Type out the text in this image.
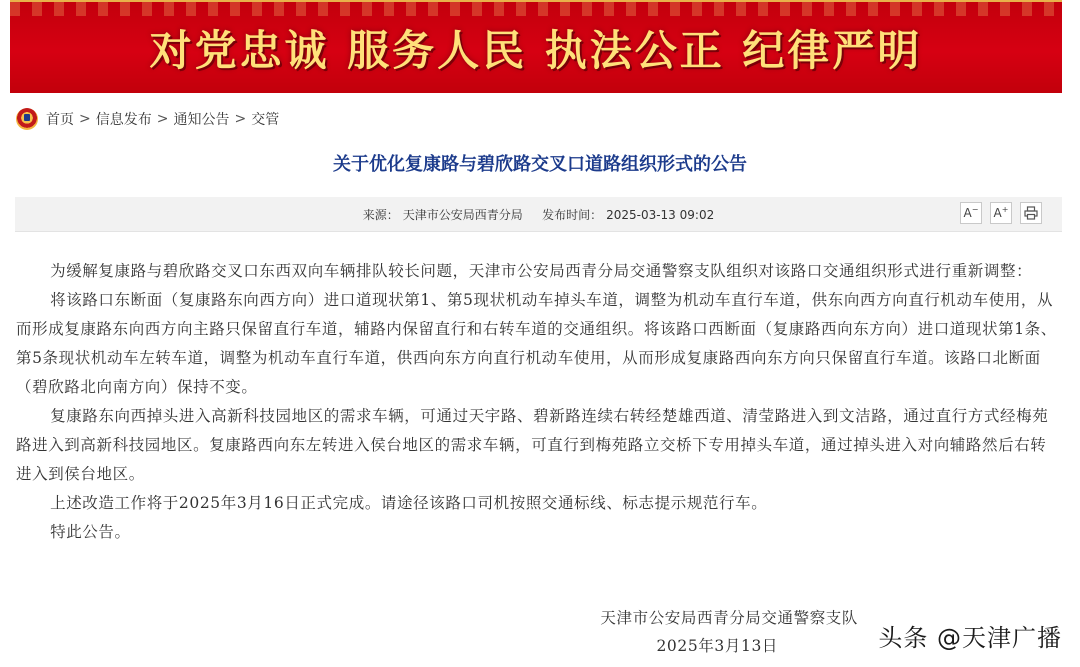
对党忠诚 服务人民 执法公正 纪律严明
首页 > 信息发布 > 通知公告 > 交管
关于优化复康路与碧欣路交叉口道路组织形式的公告
来源： 天津市公安局西青分局 发布时间： 2025-03-13 09:02	A − A +

为缓解复康路与碧欣路交叉口东西双向车辆排队较长问题，天津市公安局西青分局交通警察支队组织对该路口交通组织形式进行重新调整：

将该路口东断面（复康路东向西方向）进口道现状第1、第5现状机动车掉头车道，调整为机动车直行车道，供东向西方向直行机动车使用，从而形成复康路东向西方向主路只保留直行车道，辅路内保留直行和右转车道的交通组织。将该路口西断面（复康路西向东方向）进口道现状第1条、第5条现状机动车左转车道，调整为机动车直行车道，供西向东方向直行机动车使用，从而形成复康路西向东方向只保留直行车道。该路口北断面（碧欣路北向南方向）保持不变。

复康路东向西掉头进入高新科技园地区的需求车辆，可通过天宇路、碧新路连续右转经楚雄西道、清莹路进入到文洁路，通过直行方式经梅苑路进入到高新科技园地区。复康路西向东左转进入侯台地区的需求车辆，可直行到梅苑路立交桥下专用掉头车道，通过掉头进入对向辅路然后右转进入到侯台地区。

上述改造工作将于2025年3月16日正式完成。请途径该路口司机按照交通标线、标志提示规范行车。

特此公告。

天津市公安局西青分局交通警察支队
2025年3月13日	头条 @天津广播
